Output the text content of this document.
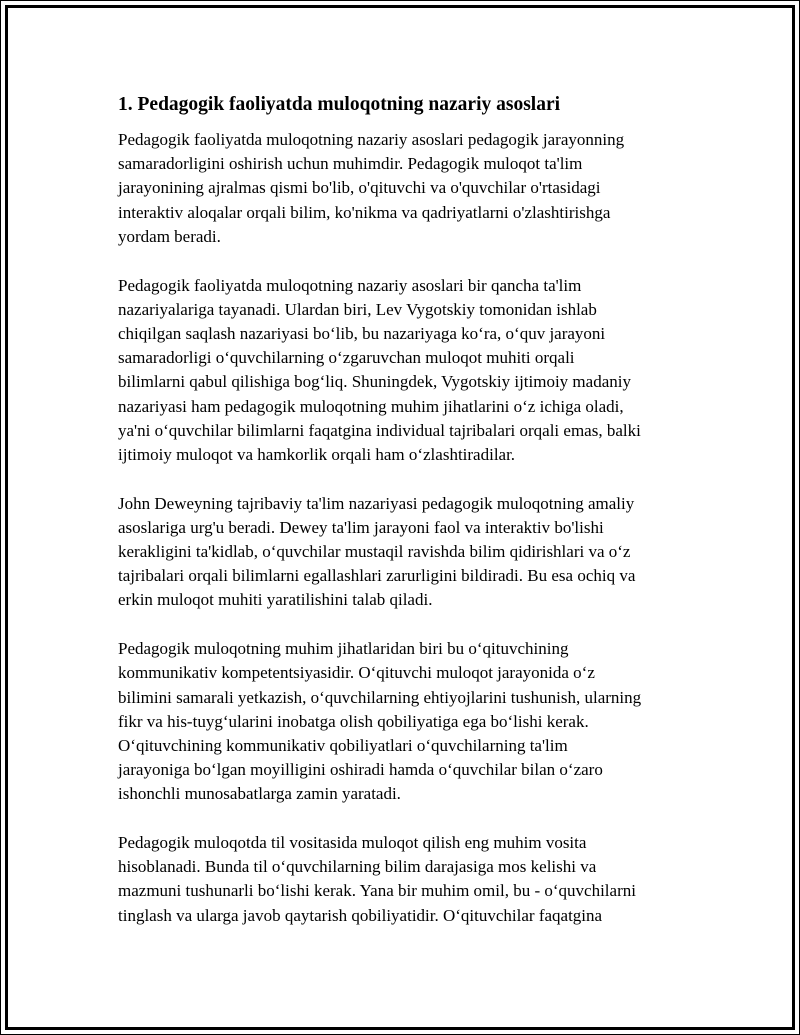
1. Pedagogik faoliyatda muloqotning nazariy asoslari

Pedagogik faoliyatda muloqotning nazariy asoslari pedagogik jarayonning
samaradorligini oshirish uchun muhimdir. Pedagogik muloqot ta'lim
jarayonining ajralmas qismi bo'lib, o'qituvchi va o'quvchilar o'rtasidagi
interaktiv aloqalar orqali bilim, ko'nikma va qadriyatlarni o'zlashtirishga
yordam beradi.

Pedagogik faoliyatda muloqotning nazariy asoslari bir qancha ta'lim
nazariyalariga tayanadi. Ulardan biri, Lev Vygotskiy tomonidan ishlab
chiqilgan saqlash nazariyasi bo‘lib, bu nazariyaga ko‘ra, o‘quv jarayoni
samaradorligi o‘quvchilarning o‘zgaruvchan muloqot muhiti orqali
bilimlarni qabul qilishiga bog‘liq. Shuningdek, Vygotskiy ijtimoiy madaniy
nazariyasi ham pedagogik muloqotning muhim jihatlarini o‘z ichiga oladi,
ya'ni o‘quvchilar bilimlarni faqatgina individual tajribalari orqali emas, balki
ijtimoiy muloqot va hamkorlik orqali ham o‘zlashtiradilar.

John Deweyning tajribaviy ta'lim nazariyasi pedagogik muloqotning amaliy
asoslariga urg'u beradi. Dewey ta'lim jarayoni faol va interaktiv bo'lishi
kerakligini ta'kidlab, o‘quvchilar mustaqil ravishda bilim qidirishlari va o‘z
tajribalari orqali bilimlarni egallashlari zarurligini bildiradi. Bu esa ochiq va
erkin muloqot muhiti yaratilishini talab qiladi.

Pedagogik muloqotning muhim jihatlaridan biri bu o‘qituvchining
kommunikativ kompetentsiyasidir. O‘qituvchi muloqot jarayonida o‘z
bilimini samarali yetkazish, o‘quvchilarning ehtiyojlarini tushunish, ularning
fikr va his-tuyg‘ularini inobatga olish qobiliyatiga ega bo‘lishi kerak.
O‘qituvchining kommunikativ qobiliyatlari o‘quvchilarning ta'lim
jarayoniga bo‘lgan moyilligini oshiradi hamda o‘quvchilar bilan o‘zaro
ishonchli munosabatlarga zamin yaratadi.

Pedagogik muloqotda til vositasida muloqot qilish eng muhim vosita
hisoblanadi. Bunda til o‘quvchilarning bilim darajasiga mos kelishi va
mazmuni tushunarli bo‘lishi kerak. Yana bir muhim omil, bu - o‘quvchilarni
tinglash va ularga javob qaytarish qobiliyatidir. O‘qituvchilar faqatgina
